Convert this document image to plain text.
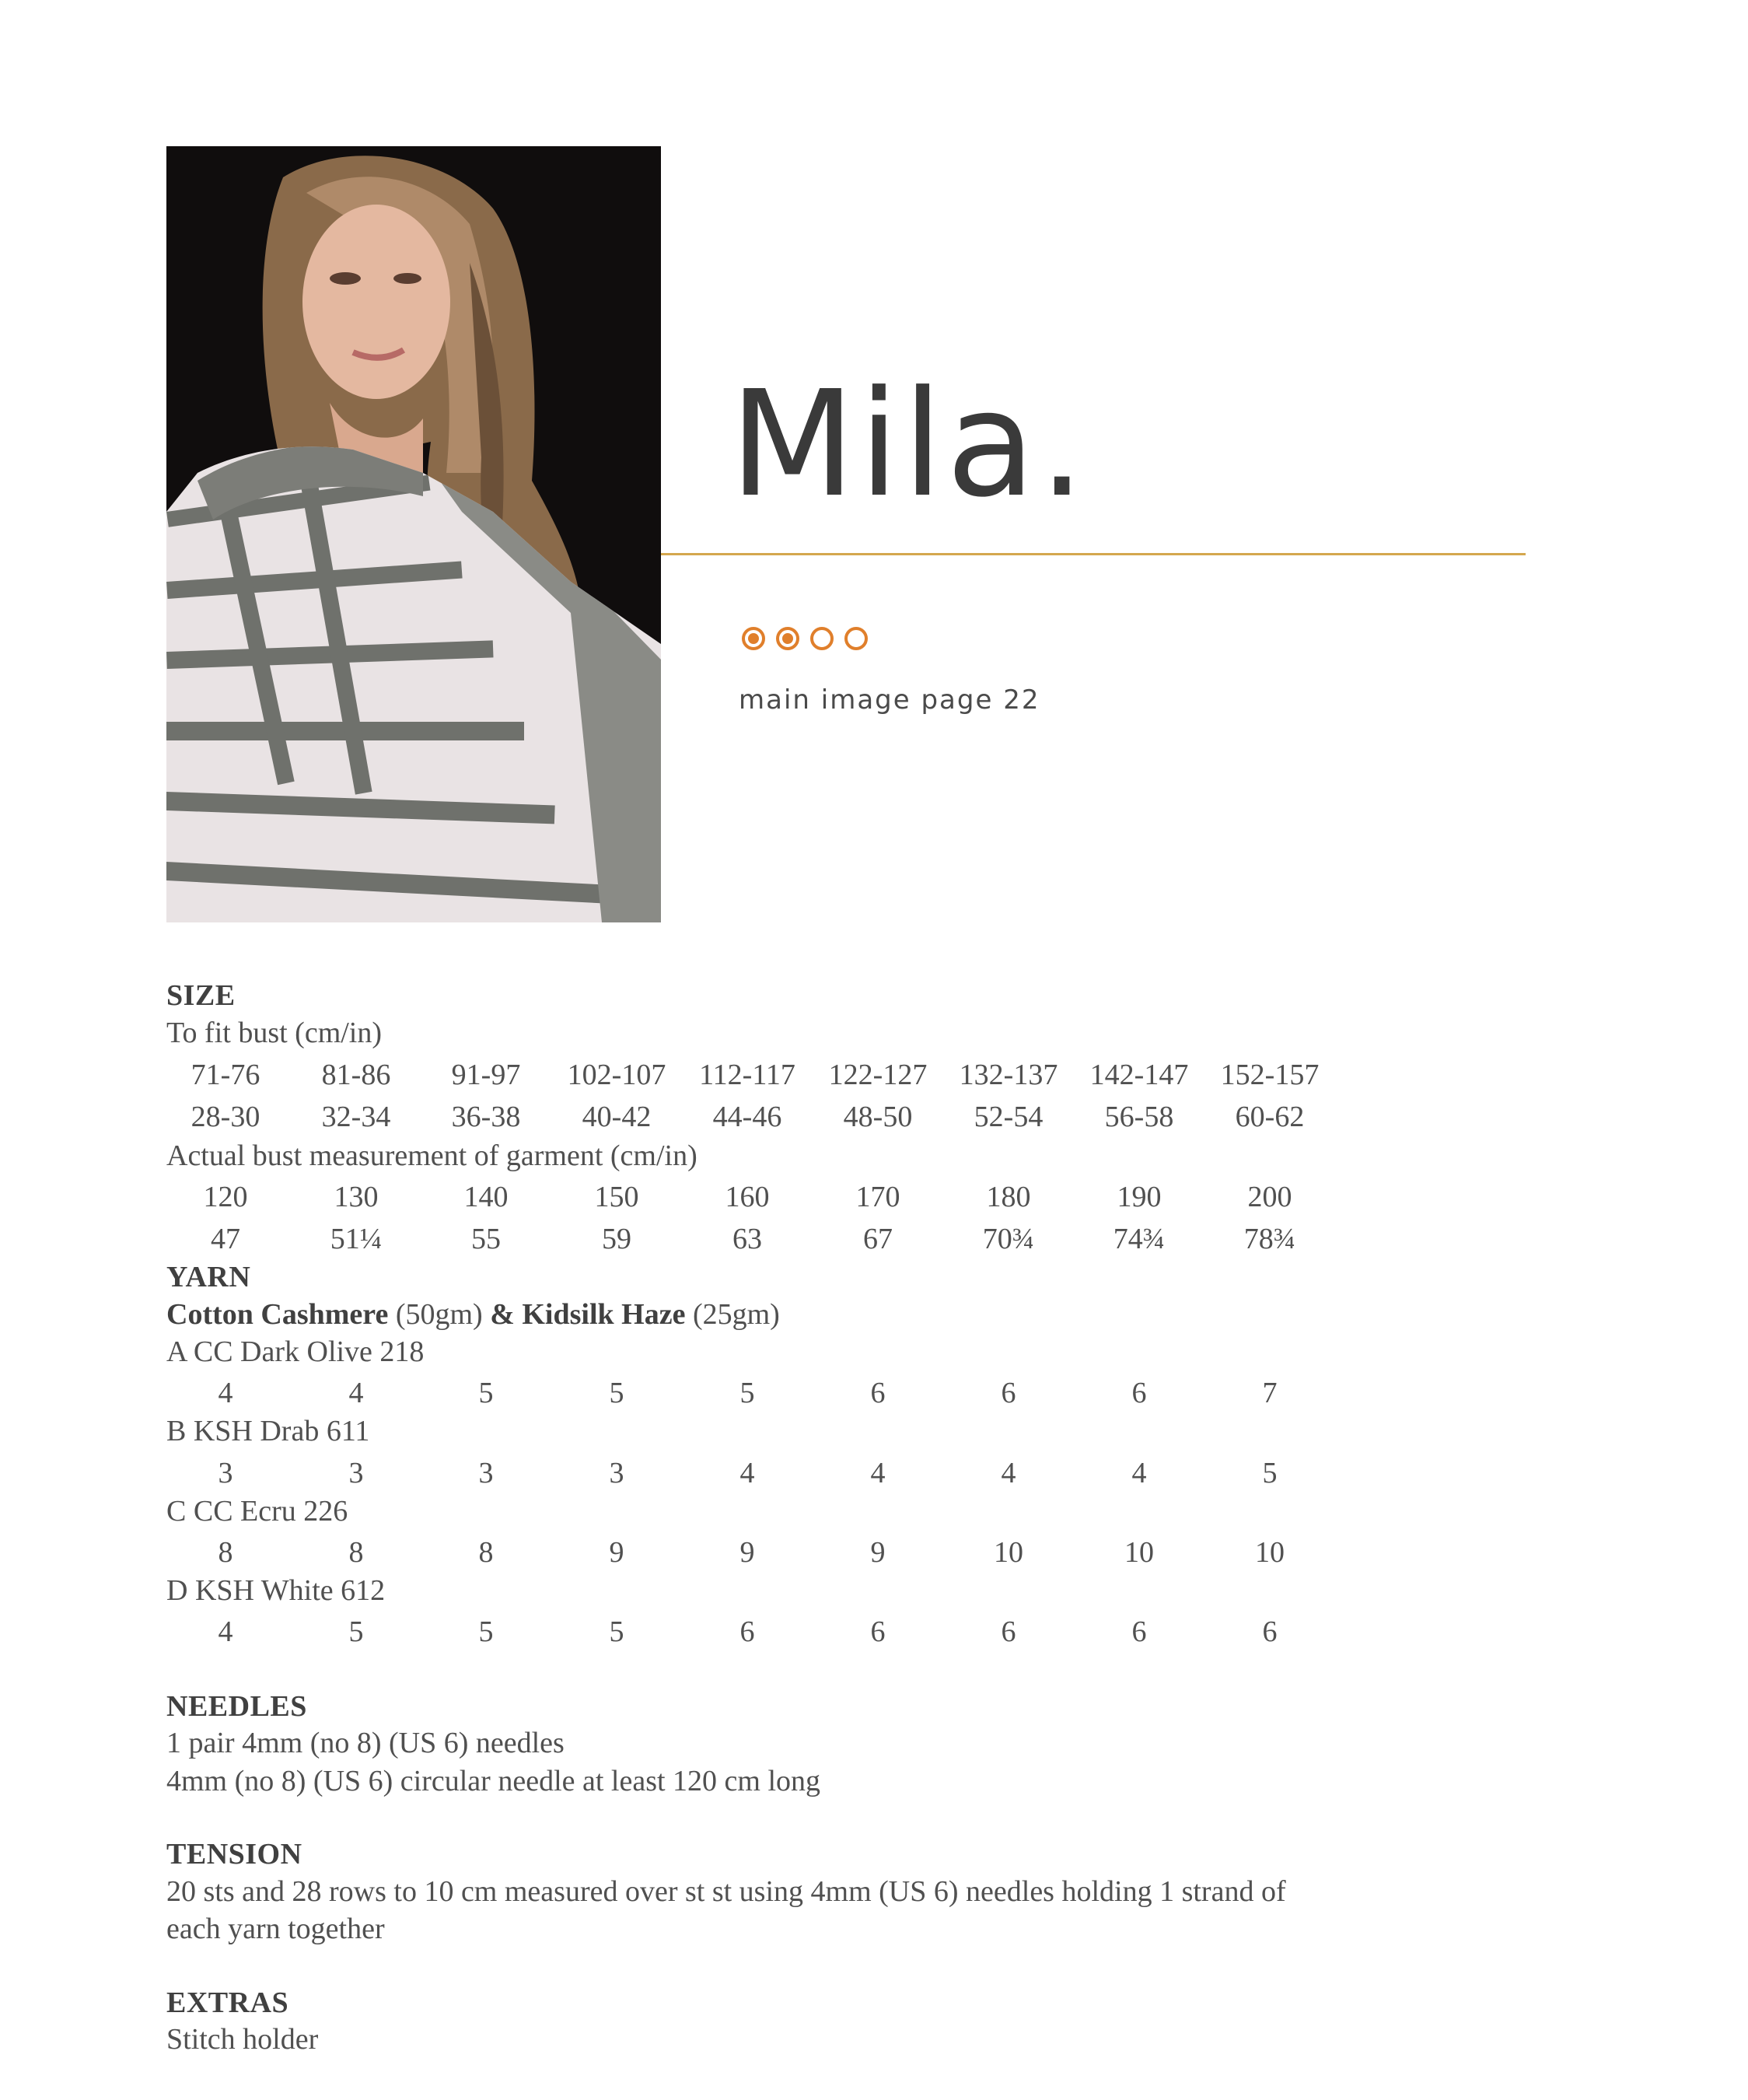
Mila.
main image page 22
SIZE
To fit bust (cm/in)
71-76	81-86	91-97	102-107	112-117	122-127	132-137	142-147	152-157
28-30	32-34	36-38	40-42	44-46	48-50	52-54	56-58	60-62
Actual bust measurement of garment (cm/in)
120	130	140	150	160	170	180	190	200
47	51¼	55	59	63	67	70¾	74¾	78¾
YARN
Cotton Cashmere (50gm) & Kidsilk Haze (25gm)
A CC Dark Olive 218
4	4	5	5	5	6	6	6	7
B KSH Drab 611
3	3	3	3	4	4	4	4	5
C CC Ecru 226
8	8	8	9	9	9	10	10	10
D KSH White 612
4	5	5	5	6	6	6	6	6
NEEDLES
1 pair 4mm (no 8) (US 6) needles
4mm (no 8) (US 6) circular needle at least 120 cm long
TENSION
20 sts and 28 rows to 10 cm measured over st st using 4mm (US 6) needles holding 1 strand of
each yarn together
EXTRAS
Stitch holder
